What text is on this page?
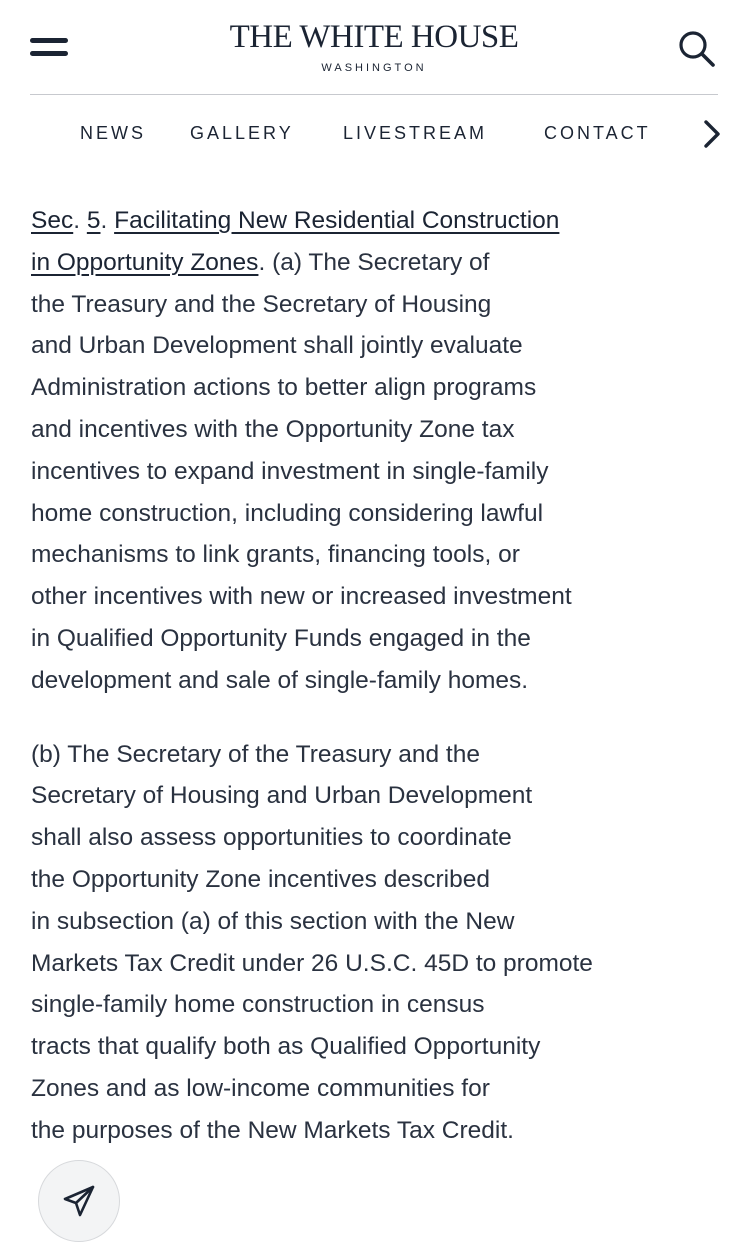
THE WHITE HOUSE
WASHINGTON
NEWS GALLERY	LIVESTREAM	CONTACT

Sec. 5. Facilitating New Residential Construction
in Opportunity Zones. (a) The Secretary of
the Treasury and the Secretary of Housing
and Urban Development shall jointly evaluate
Administration actions to better align programs
and incentives with the Opportunity Zone tax
incentives to expand investment in single-family
home construction, including considering lawful
mechanisms to link grants, financing tools, or
other incentives with new or increased investment
in Qualified Opportunity Funds engaged in the
development and sale of single-family homes.

(b) The Secretary of the Treasury and the
Secretary of Housing and Urban Development
shall also assess opportunities to coordinate
the Opportunity Zone incentives described
in subsection (a) of this section with the New
Markets Tax Credit under 26 U.S.C. 45D to promote
single-family home construction in census
tracts that qualify both as Qualified Opportunity
Zones and as low-income communities for
the purposes of the New Markets Tax Credit.
